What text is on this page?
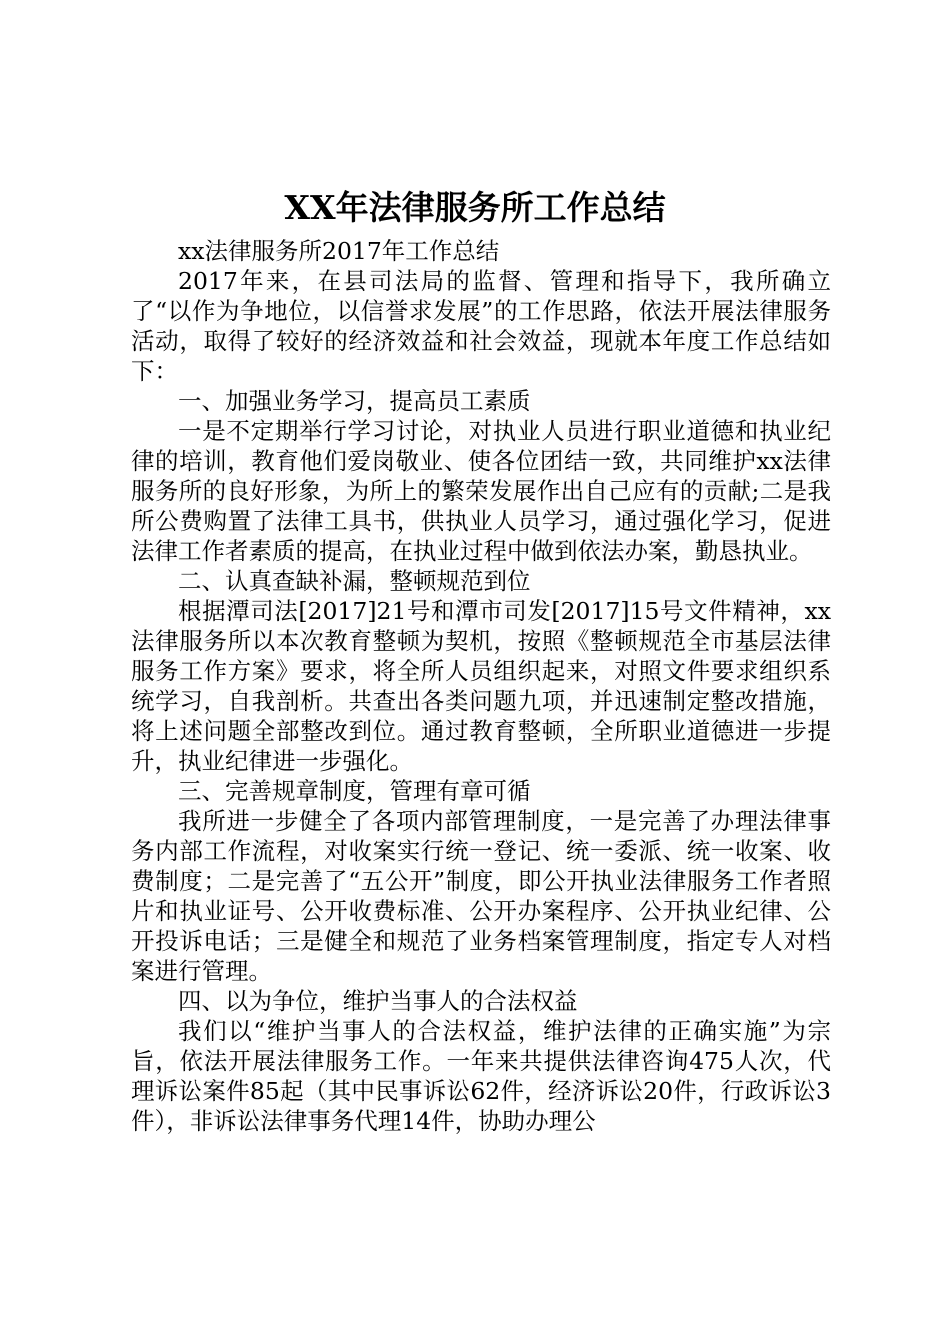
XX年法律服务所工作总结

xx法律服务所2017年工作总结

2017年来，在县司法局的监督、管理和指导下，我所确立了“以作为争地位，以信誉求发展”的工作思路，依法开展法律服务活动，取得了较好的经济效益和社会效益，现就本年度工作总结如下：

一、加强业务学习，提高员工素质

一是不定期举行学习讨论，对执业人员进行职业道德和执业纪律的培训，教育他们爱岗敬业、使各位团结一致，共同维护xx法律服务所的良好形象，为所上的繁荣发展作出自己应有的贡献;二是我所公费购置了法律工具书，供执业人员学习，通过强化学习，促进法律工作者素质的提高，在执业过程中做到依法办案，勤恳执业。

二、认真查缺补漏，整顿规范到位

根据潭司法[2017]21号和潭市司发[2017]15号文件精神，xx法律服务所以本次教育整顿为契机，按照《整顿规范全市基层法律服务工作方案》要求，将全所人员组织起来，对照文件要求组织系统学习，自我剖析。共查出各类问题九项，并迅速制定整改措施，将上述问题全部整改到位。通过教育整顿，全所职业道德进一步提升，执业纪律进一步强化。

三、完善规章制度，管理有章可循

我所进一步健全了各项内部管理制度，一是完善了办理法律事务内部工作流程，对收案实行统一登记、统一委派、统一收案、收费制度；二是完善了“五公开”制度，即公开执业法律服务工作者照片和执业证号、公开收费标准、公开办案程序、公开执业纪律、公开投诉电话；三是健全和规范了业务档案管理制度，指定专人对档案进行管理。

四、以为争位，维护当事人的合法权益

我们以“维护当事人的合法权益，维护法律的正确实施”为宗旨，依法开展法律服务工作。一年来共提供法律咨询475人次，代理诉讼案件85起（其中民事诉讼62件，经济诉讼20件，行政诉讼3件），非诉讼法律事务代理14件，协助办理公
